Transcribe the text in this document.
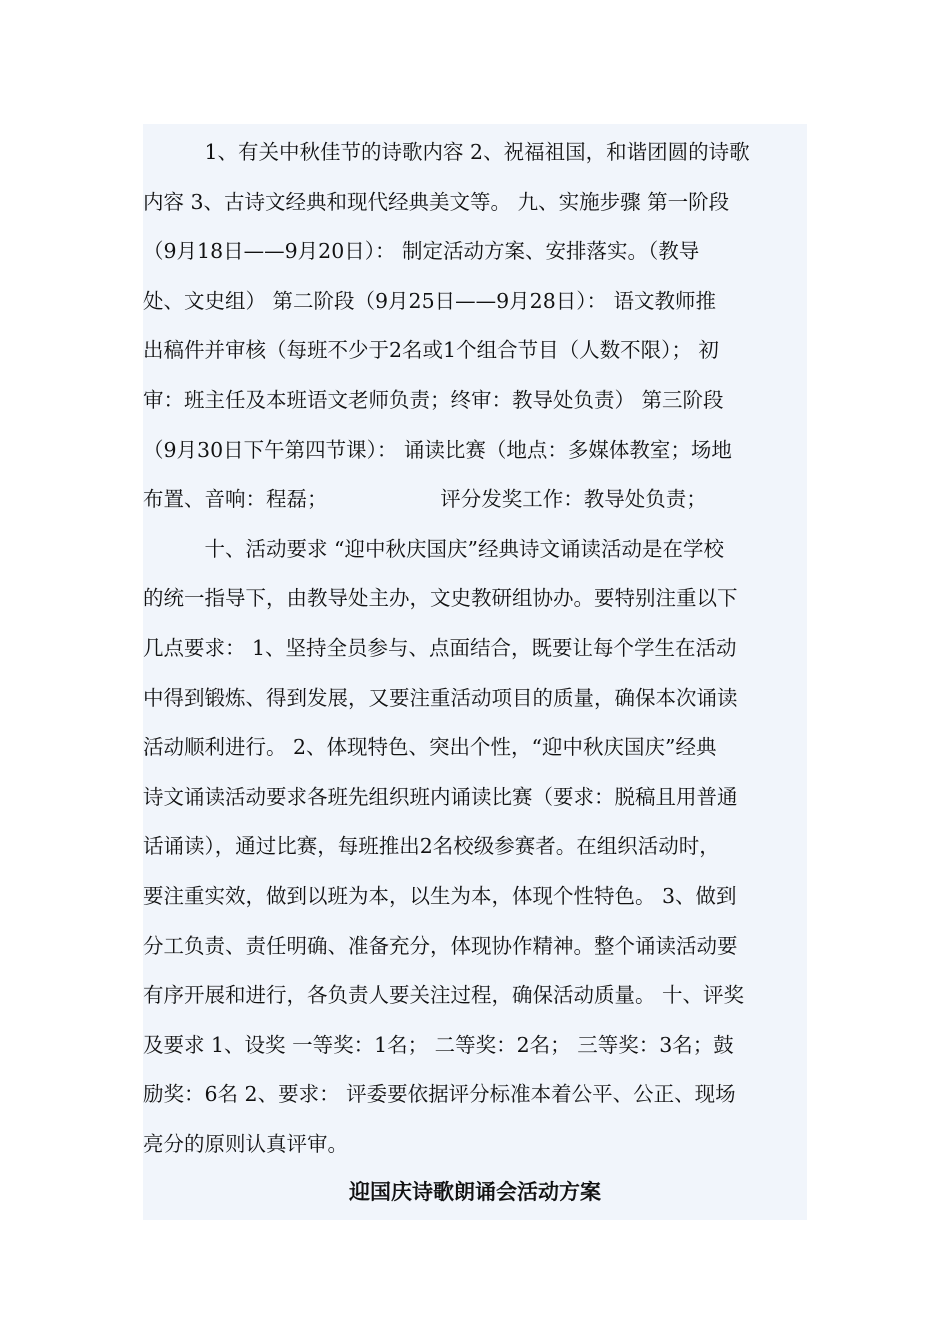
　　　1、有关中秋佳节的诗歌内容 2、祝福祖国，和谐团圆的诗歌
内容 3、古诗文经典和现代经典美文等。 九、实施步骤 第一阶段
（9月18日——9月20日）： 制定活动方案、安排落实。（教导
处、文史组） 第二阶段（9月25日——9月28日）： 语文教师推
出稿件并审核（每班不少于2名或1个组合节目（人数不限）； 初
审：班主任及本班语文老师负责；终审：教导处负责） 第三阶段
（9月30日下午第四节课）： 诵读比赛（地点：多媒体教室；场地
布置、音响：程磊；　　　　　　评分发奖工作：教导处负责；
　　　十、活动要求 “迎中秋庆国庆”经典诗文诵读活动是在学校
的统一指导下，由教导处主办，文史教研组协办。要特别注重以下
几点要求： 1、坚持全员参与、点面结合，既要让每个学生在活动
中得到锻炼、得到发展，又要注重活动项目的质量，确保本次诵读
活动顺利进行。 2、体现特色、突出个性，“迎中秋庆国庆”经典
诗文诵读活动要求各班先组织班内诵读比赛（要求：脱稿且用普通
话诵读），通过比赛，每班推出2名校级参赛者。在组织活动时，
要注重实效，做到以班为本，以生为本，体现个性特色。 3、做到
分工负责、责任明确、准备充分，体现协作精神。整个诵读活动要
有序开展和进行，各负责人要关注过程，确保活动质量。 十、评奖
及要求 1、设奖 一等奖：1名； 二等奖：2名； 三等奖：3名；鼓
励奖：6名 2、要求： 评委要依据评分标准本着公平、公正、现场
亮分的原则认真评审。
迎国庆诗歌朗诵会活动方案
